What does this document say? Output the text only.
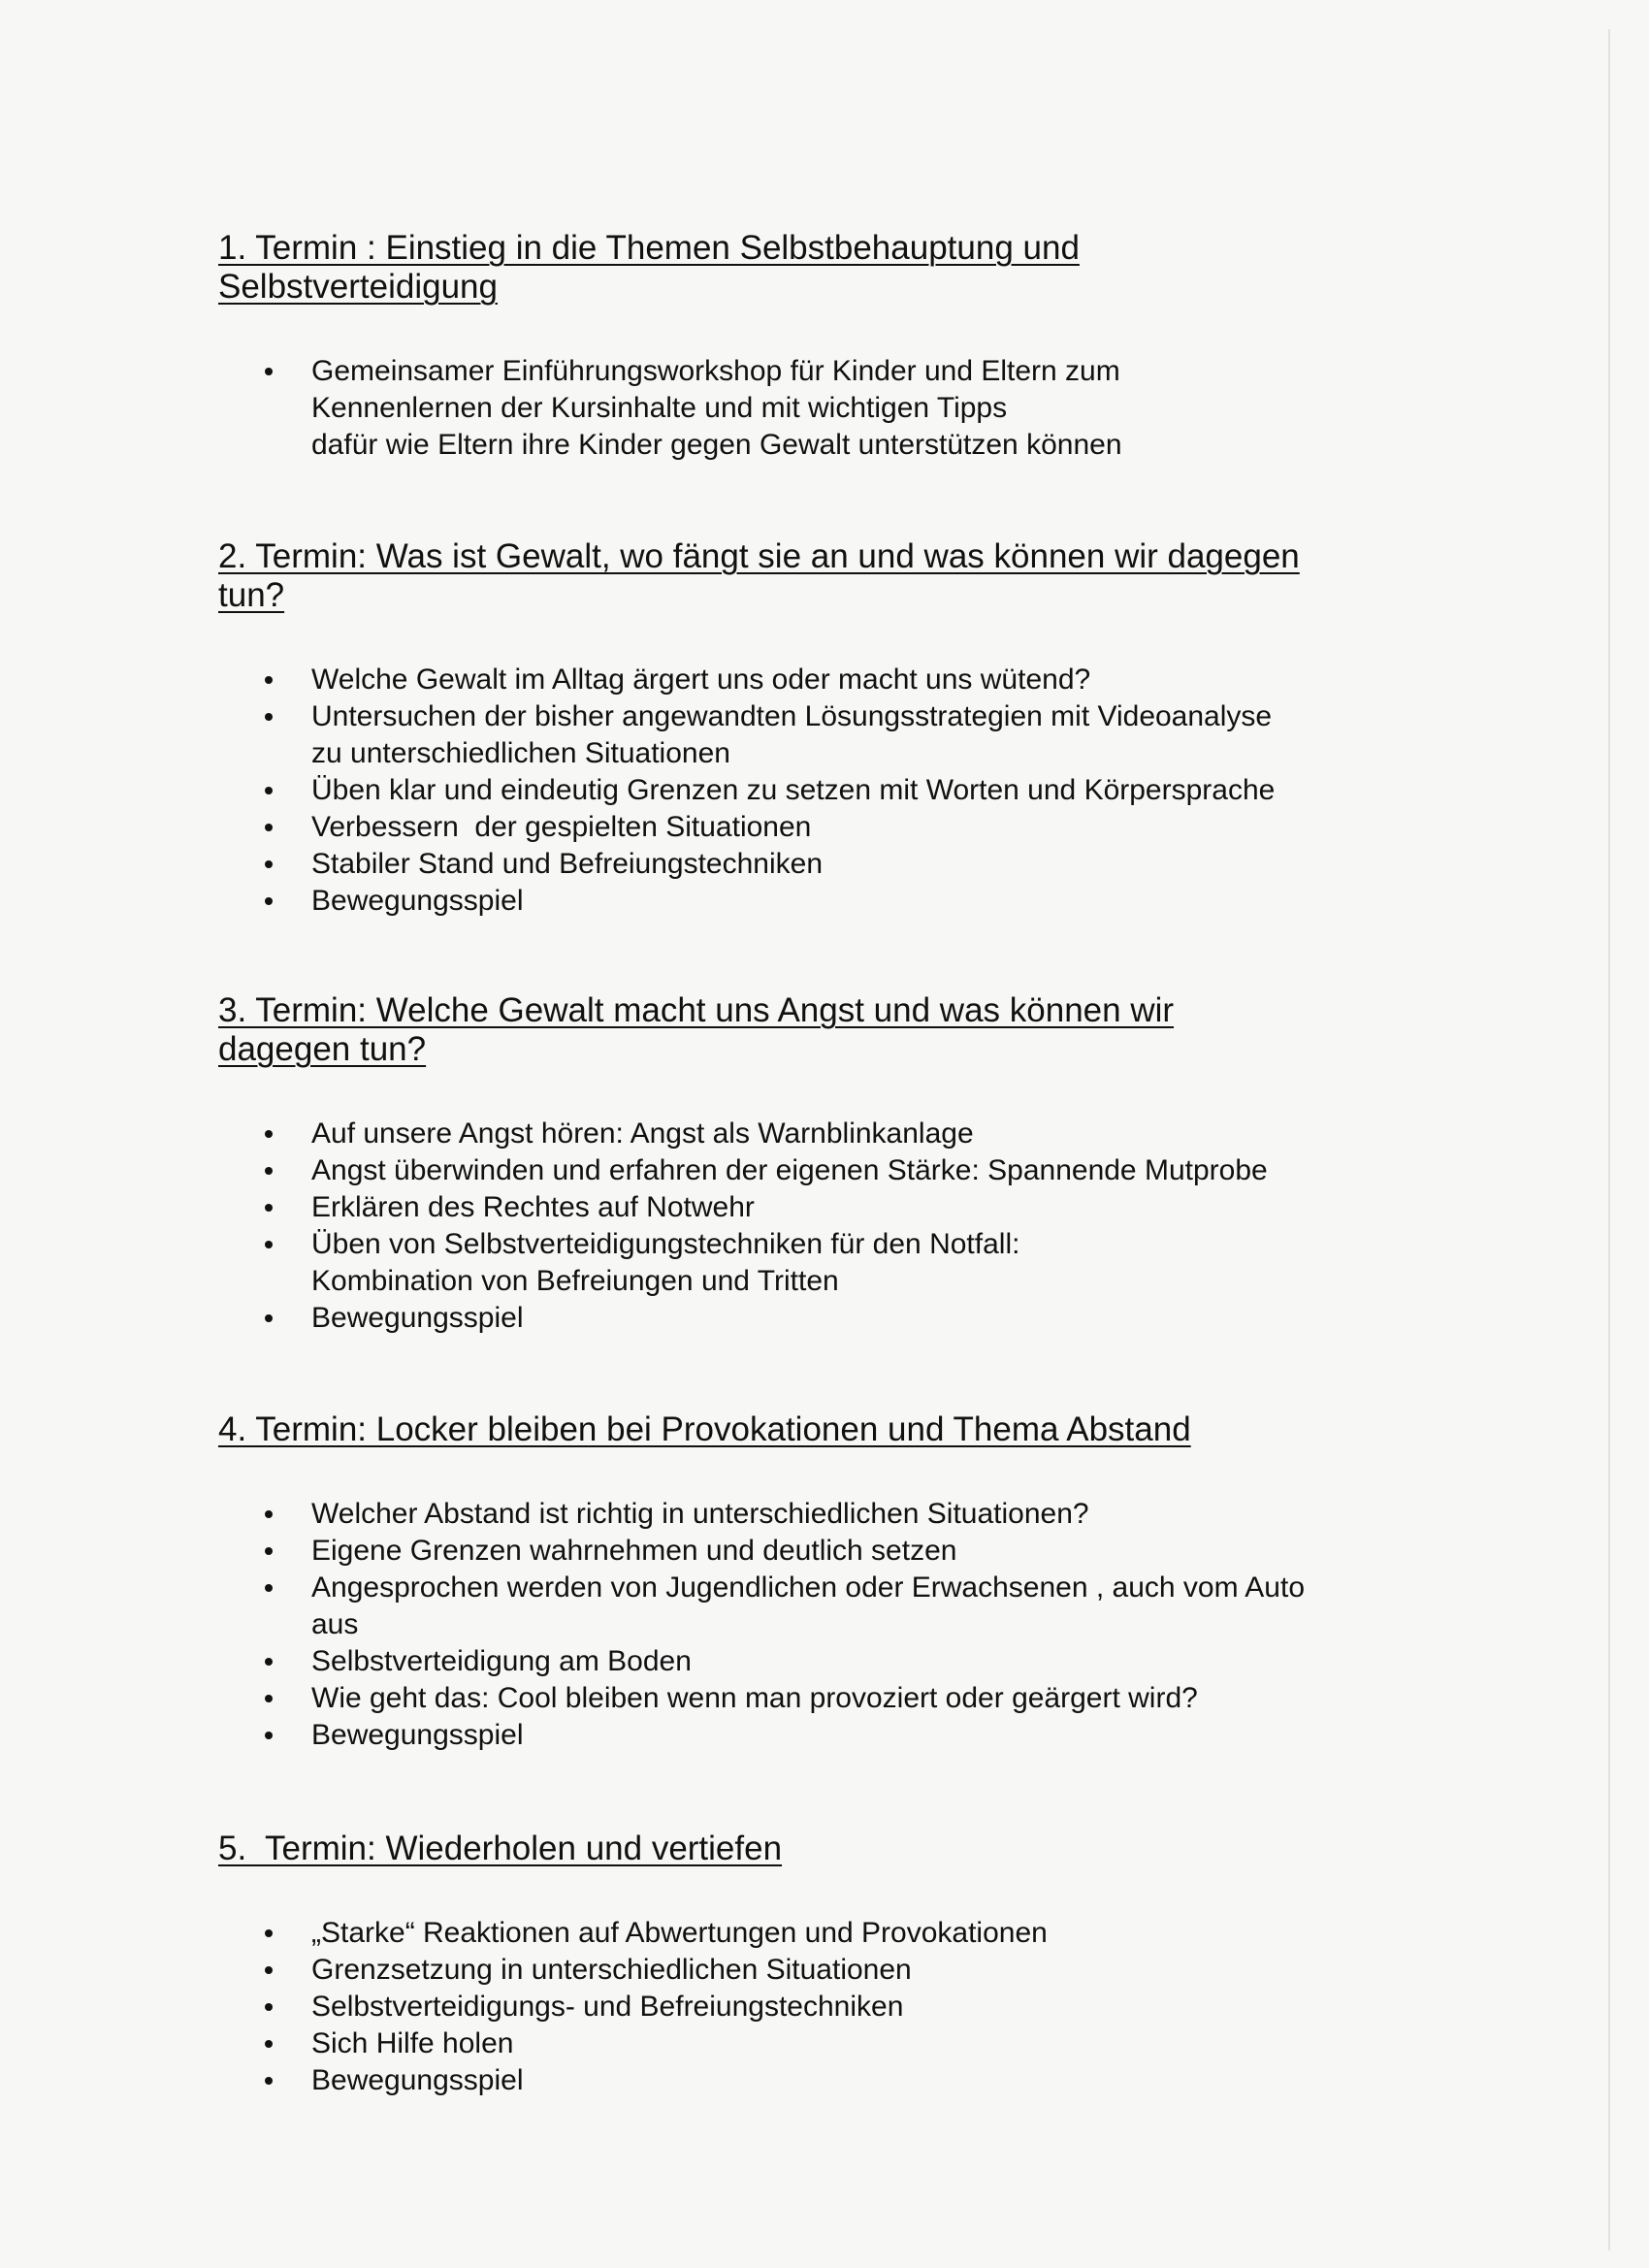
1. Termin : Einstieg in die Themen Selbstbehauptung und
Selbstverteidigung
Gemeinsamer Einführungsworkshop für Kinder und Eltern zum
Kennenlernen der Kursinhalte und mit wichtigen Tipps
dafür wie Eltern ihre Kinder gegen Gewalt unterstützen können
2. Termin: Was ist Gewalt, wo fängt sie an und was können wir dagegen
tun?
Welche Gewalt im Alltag ärgert uns oder macht uns wütend?
Untersuchen der bisher angewandten Lösungsstrategien mit Videoanalyse
zu unterschiedlichen Situationen
Üben klar und eindeutig Grenzen zu setzen mit Worten und Körpersprache
Verbessern  der gespielten Situationen
Stabiler Stand und Befreiungstechniken
Bewegungsspiel
3. Termin: Welche Gewalt macht uns Angst und was können wir
dagegen tun?
Auf unsere Angst hören: Angst als Warnblinkanlage
Angst überwinden und erfahren der eigenen Stärke: Spannende Mutprobe
Erklären des Rechtes auf Notwehr
Üben von Selbstverteidigungstechniken für den Notfall:
Kombination von Befreiungen und Tritten
Bewegungsspiel
4. Termin: Locker bleiben bei Provokationen und Thema Abstand
Welcher Abstand ist richtig in unterschiedlichen Situationen?
Eigene Grenzen wahrnehmen und deutlich setzen
Angesprochen werden von Jugendlichen oder Erwachsenen , auch vom Auto
aus
Selbstverteidigung am Boden
Wie geht das: Cool bleiben wenn man provoziert oder geärgert wird?
Bewegungsspiel
5.  Termin: Wiederholen und vertiefen
„Starke“ Reaktionen auf Abwertungen und Provokationen
Grenzsetzung in unterschiedlichen Situationen
Selbstverteidigungs- und Befreiungstechniken
Sich Hilfe holen
Bewegungsspiel
